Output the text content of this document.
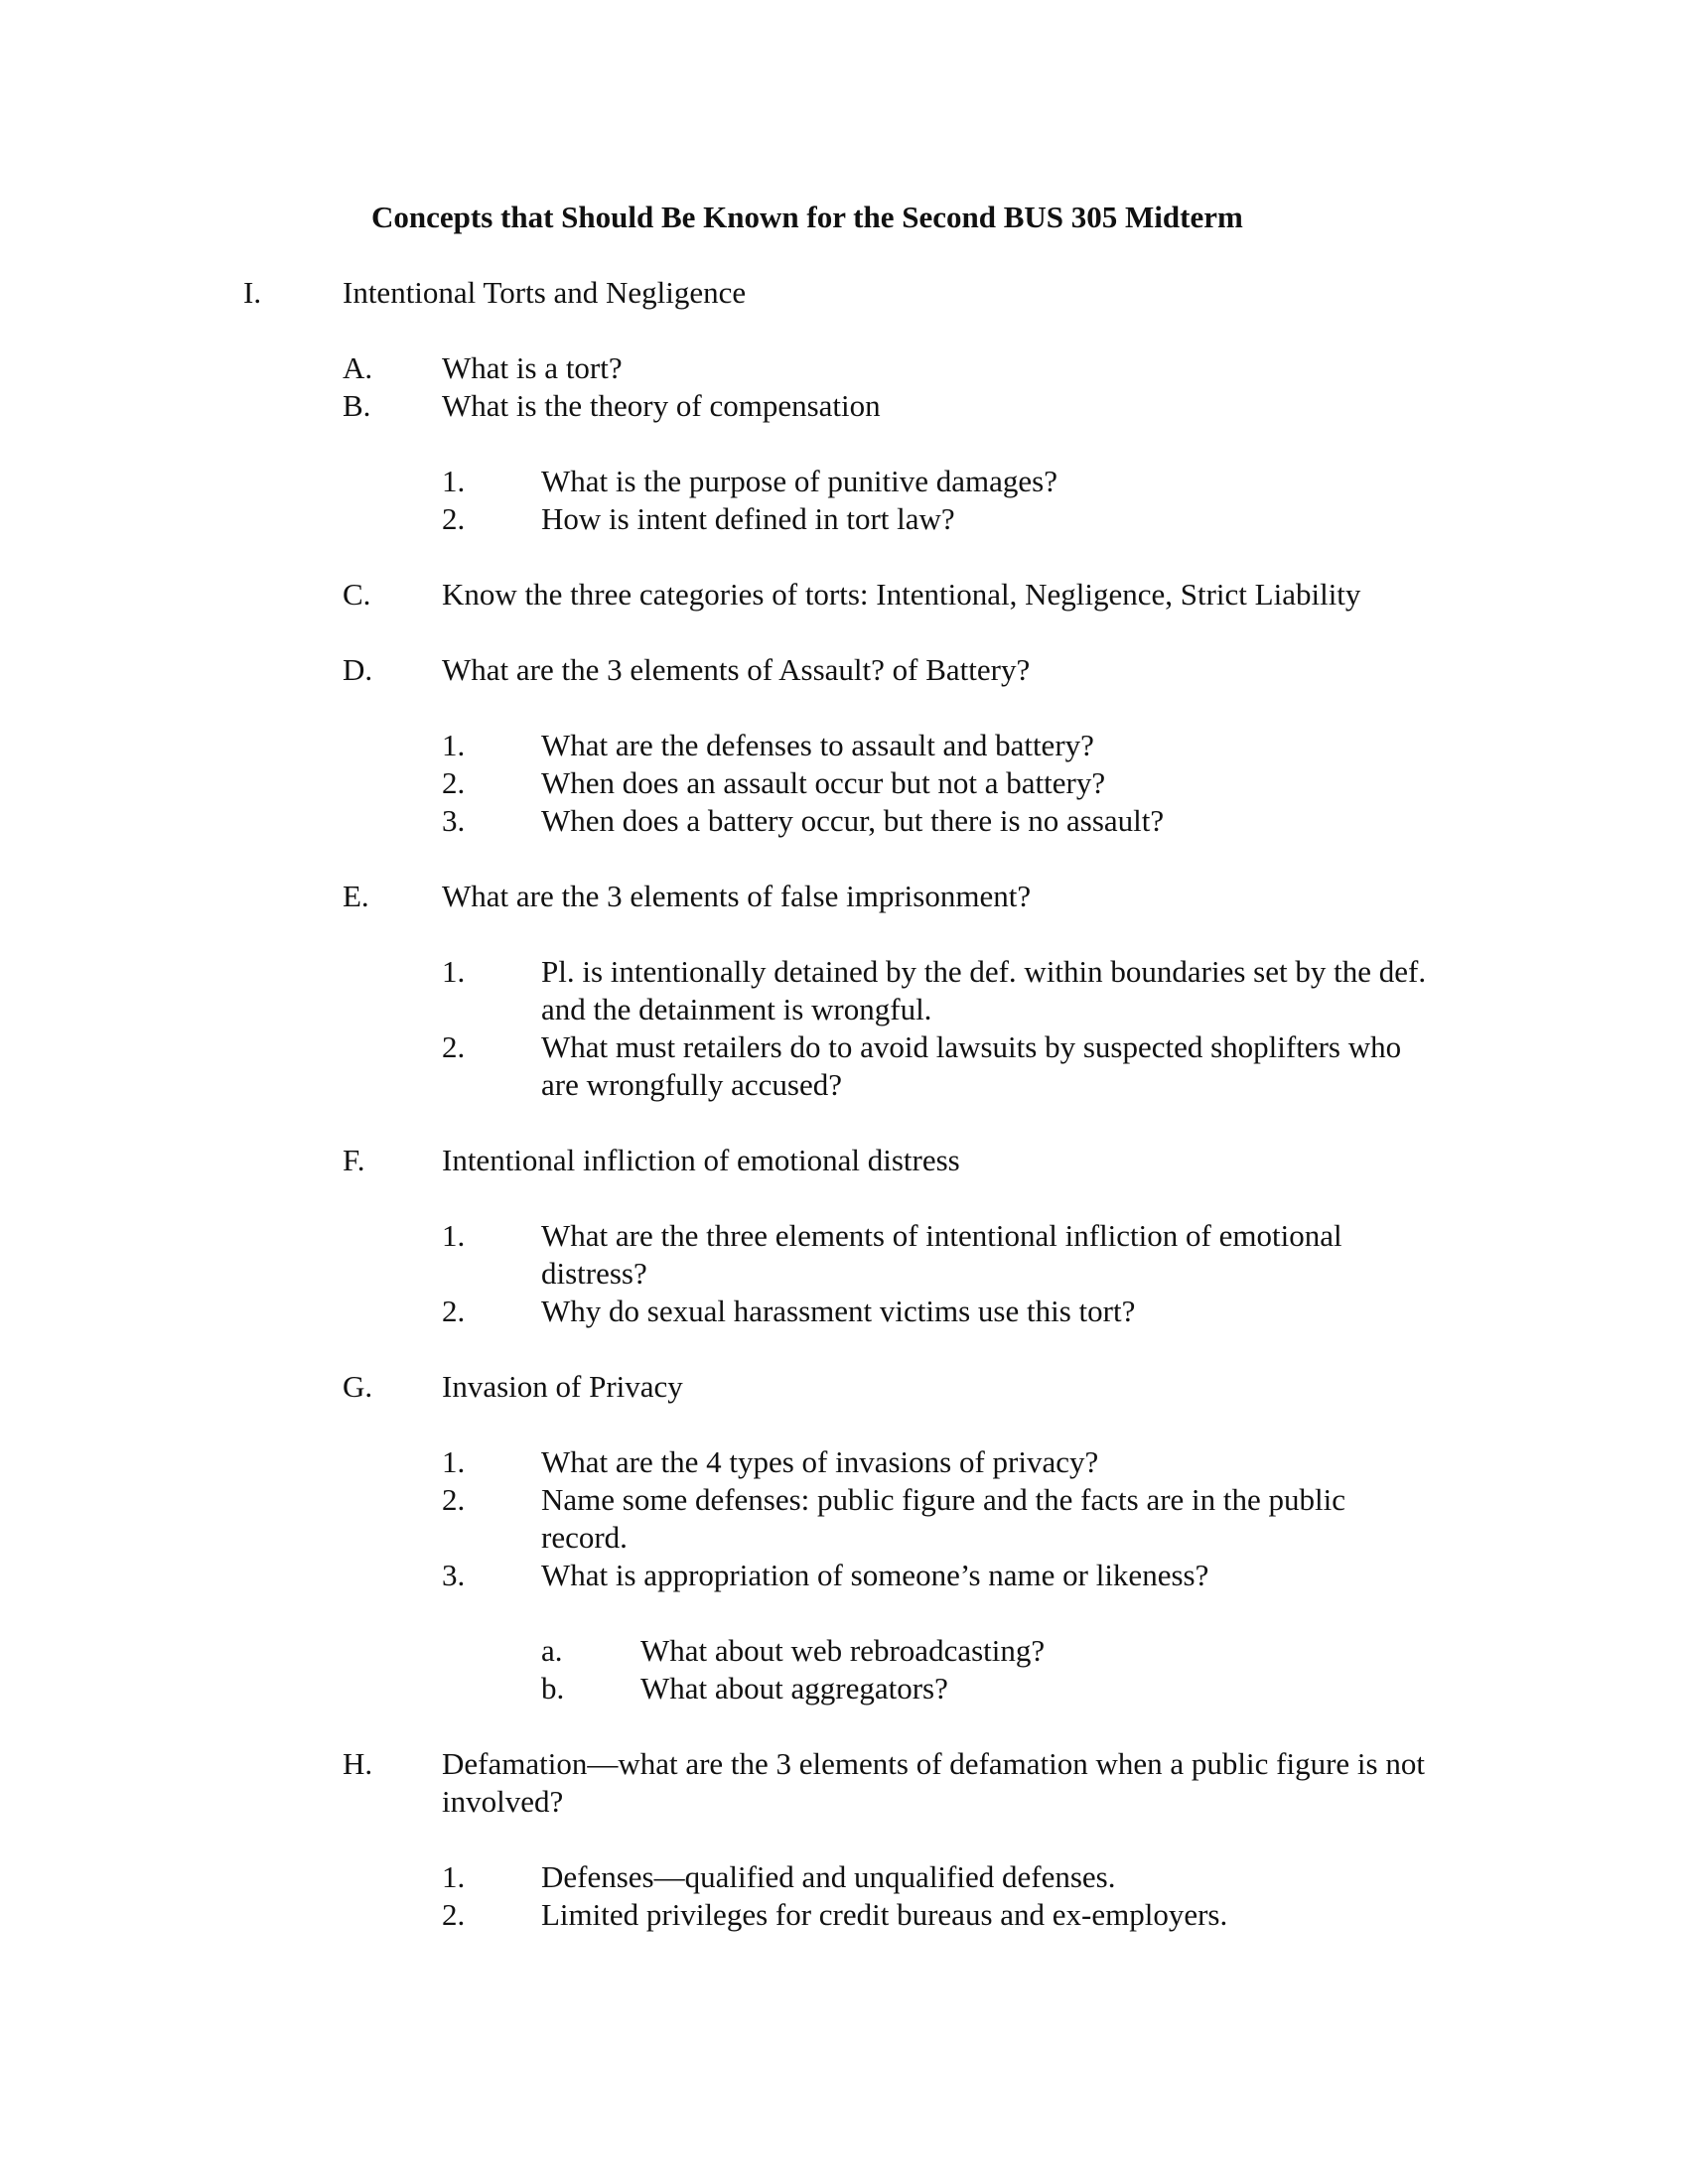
Concepts that Should Be Known for the Second BUS 305 Midterm
I.	Intentional Torts and Negligence
A. What is a tort?
B. What is the theory of compensation
1. What is the purpose of punitive damages?
2. How is intent defined in tort law?
C. Know the three categories of torts: Intentional, Negligence, Strict Liability
D. What are the 3 elements of Assault? of Battery?
1. What are the defenses to assault and battery?
2. When does an assault occur but not a battery?
3. When does a battery occur, but there is no assault?
E. What are the 3 elements of false imprisonment?
1. Pl. is intentionally detained by the def. within boundaries set by the def. and the detainment is wrongful.
2. What must retailers do to avoid lawsuits by suspected shoplifters who are wrongfully accused?
F. Intentional infliction of emotional distress
1. What are the three elements of intentional infliction of emotional distress?
2. Why do sexual harassment victims use this tort?
G. Invasion of Privacy
1. What are the 4 types of invasions of privacy?
2. Name some defenses: public figure and the facts are in the public record.
3. What is appropriation of someone’s name or likeness?
a.	What about web rebroadcasting?
b. What about aggregators?
H. Defamation—what are the 3 elements of defamation when a public figure is not involved?
1. Defenses—qualified and unqualified defenses.
2. Limited privileges for credit bureaus and ex-employers.
